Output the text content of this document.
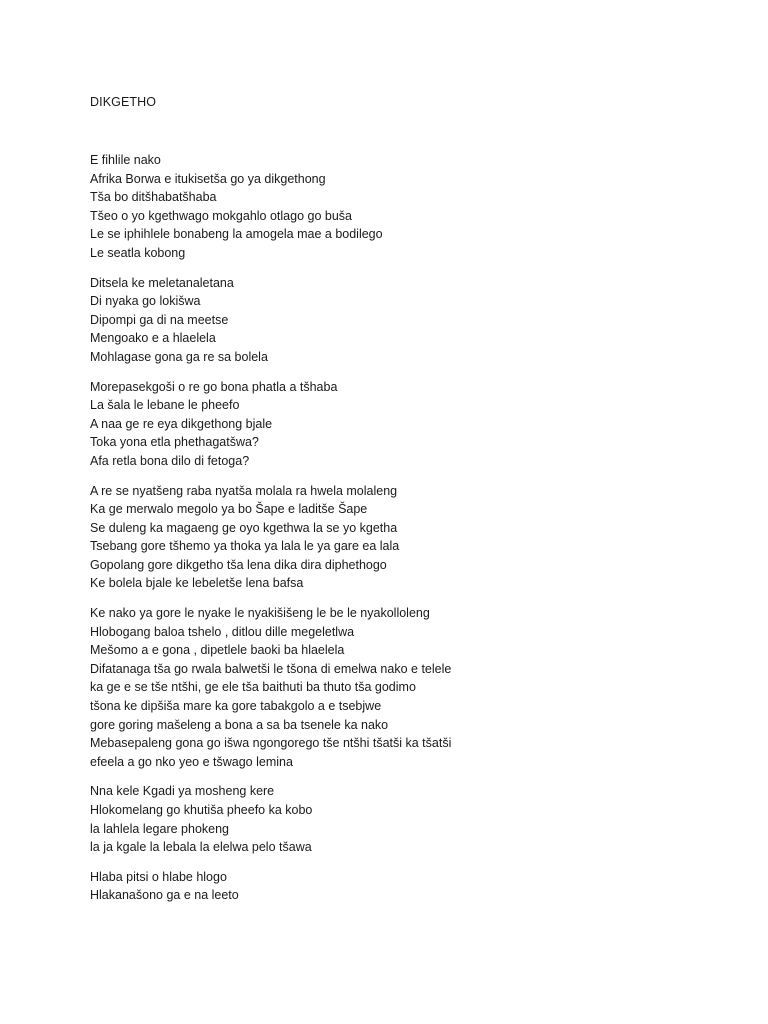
DIKGETHO
E fihlile nako
Afrika Borwa e itukisetša go ya dikgethong
Tša bo ditšhabatšhaba
Tšeo o yo kgethwago mokgahlo otlago go buša
Le se iphihlele bonabeng la amogela mae a bodilego
Le seatla kobong
Ditsela ke meletanaletana
Di nyaka go lokišwa
Dipompi ga di na meetse
Mengoako e a hlaelela
Mohlagase gona ga re sa bolela
Morepasekgoši o re go bona phatla a tšhaba
La šala le lebane le pheefo
A naa ge re eya dikgethong bjale
Toka yona etla phethagatšwa?
Afa retla bona dilo di fetoga?
A re se nyatšeng raba nyatša molala ra hwela molaleng
Ka ge merwalo megolo ya bo Šape e laditše Šape
Se duleng ka magaeng ge oyo kgethwa la se yo kgetha
Tsebang gore tšhemo ya thoka ya lala le ya gare ea lala
Gopolang gore dikgetho tša lena dika dira diphethogo
Ke bolela bjale ke lebeletše lena bafsa
Ke nako ya gore le nyake le nyakišišeng le be le nyakolloleng
Hlobogang baloa tshelo , ditlou dille megeletlwa
Mešomo a e gona , dipetlele baoki ba hlaelela
Difatanaga tša go rwala balwetši le tšona di emelwa nako e telele
ka ge e se tše ntšhi, ge ele tša baithuti ba thuto tša godimo
tšona ke dipšiša mare ka gore tabakgolo a e tsebjwe
gore goring mašeleng a bona a sa ba tsenele ka nako
Mebasepaleng gona go išwa ngongorego tše ntšhi tšatši ka tšatši
efeela a go nko yeo e tšwago lemina
Nna kele Kgadi ya mosheng kere
Hlokomelang go khutiša pheefo ka kobo
la lahlela legare phokeng
la ja kgale la lebala la elelwa pelo tšawa
Hlaba pitsi o hlabe hlogo
Hlakanašono ga e na leeto
